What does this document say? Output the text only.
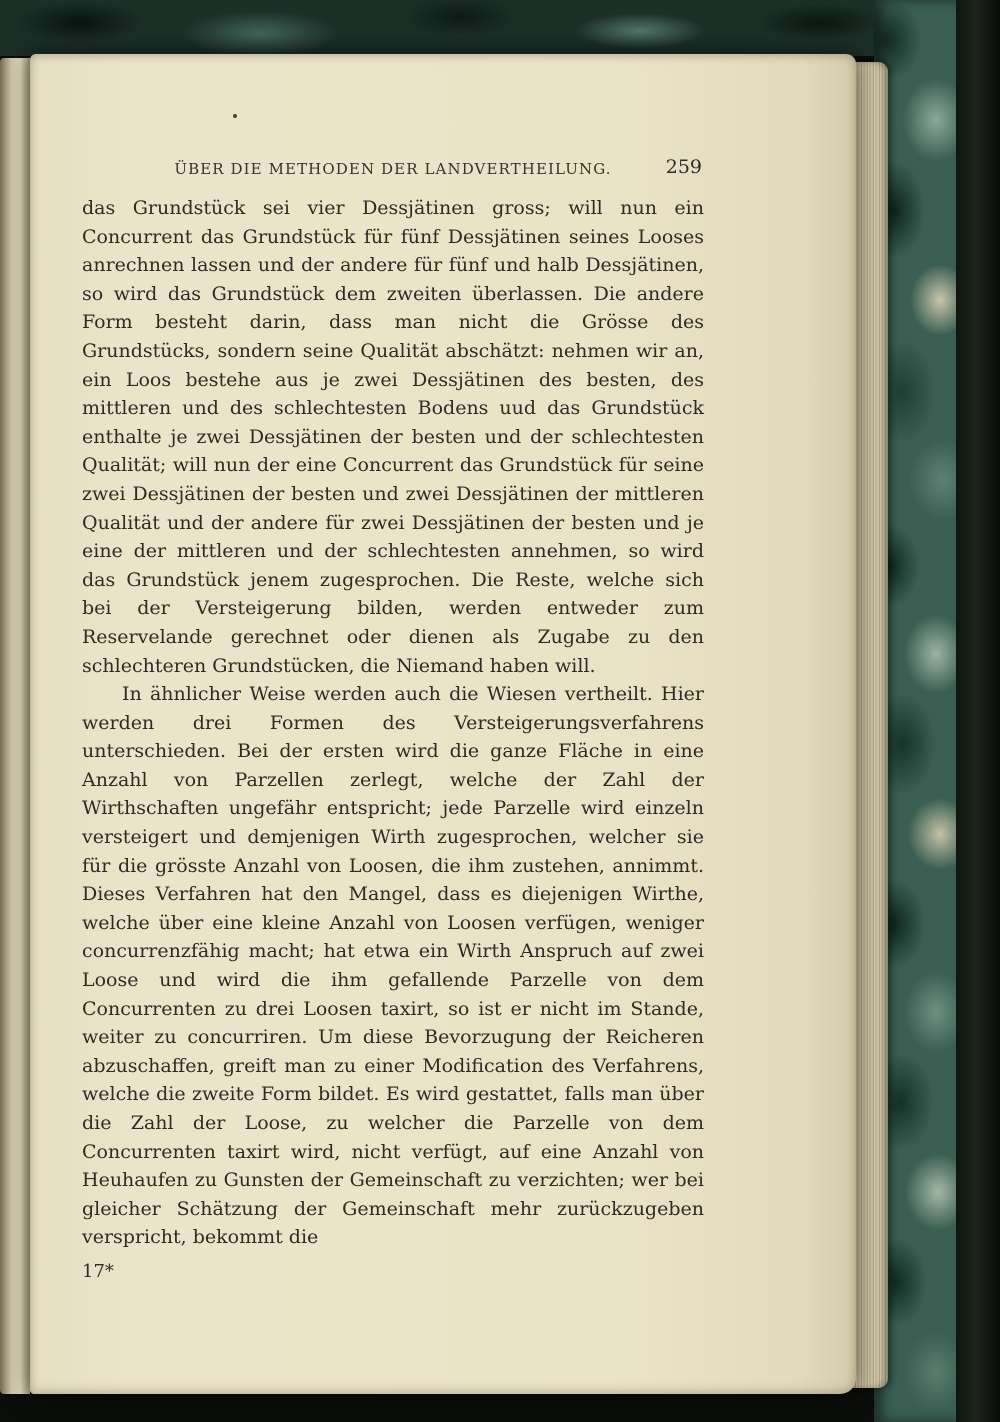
ÜBER DIE METHODEN DER LANDVERTHEILUNG.	259

das Grundstück sei vier Dessjätinen gross; will nun ein Concurrent das Grundstück für fünf Dessjätinen seines Looses anrechnen lassen und der andere für fünf und halb Dessjätinen, so wird das Grundstück dem zweiten überlassen. Die andere Form besteht darin, dass man nicht die Grösse des Grundstücks, sondern seine Qualität abschätzt: nehmen wir an, ein Loos bestehe aus je zwei Dessjätinen des besten, des mittleren und des schlechtesten Bodens uud das Grundstück enthalte je zwei Dessjätinen der besten und der schlechtesten Qualität; will nun der eine Concurrent das Grundstück für seine zwei Dessjätinen der besten und zwei Dessjätinen der mittleren Qualität und der andere für zwei Dessjätinen der besten und je eine der mittleren und der schlechtesten annehmen, so wird das Grundstück jenem zugesprochen. Die Reste, welche sich bei der Versteigerung bilden, werden entweder zum Reservelande gerechnet oder dienen als Zugabe zu den schlechteren Grundstücken, die Niemand haben will.

In ähnlicher Weise werden auch die Wiesen vertheilt. Hier werden drei Formen des Versteigerungsverfahrens unterschieden. Bei der ersten wird die ganze Fläche in eine Anzahl von Parzellen zerlegt, welche der Zahl der Wirthschaften ungefähr entspricht; jede Parzelle wird einzeln versteigert und demjenigen Wirth zugesprochen, welcher sie für die grösste Anzahl von Loosen, die ihm zustehen, annimmt. Dieses Verfahren hat den Mangel, dass es diejenigen Wirthe, welche über eine kleine Anzahl von Loosen verfügen, weniger concurrenzfähig macht; hat etwa ein Wirth Anspruch auf zwei Loose und wird die ihm gefallende Parzelle von dem Concurrenten zu drei Loosen taxirt, so ist er nicht im Stande, weiter zu concurriren. Um diese Bevorzugung der Reicheren abzuschaffen, greift man zu einer Modification des Verfahrens, welche die zweite Form bildet. Es wird gestattet, falls man über die Zahl der Loose, zu welcher die Parzelle von dem Concurrenten taxirt wird, nicht verfügt, auf eine Anzahl von Heuhaufen zu Gunsten der Gemeinschaft zu verzichten; wer bei gleicher Schätzung der Gemeinschaft mehr zurückzugeben verspricht, bekommt die

17*
